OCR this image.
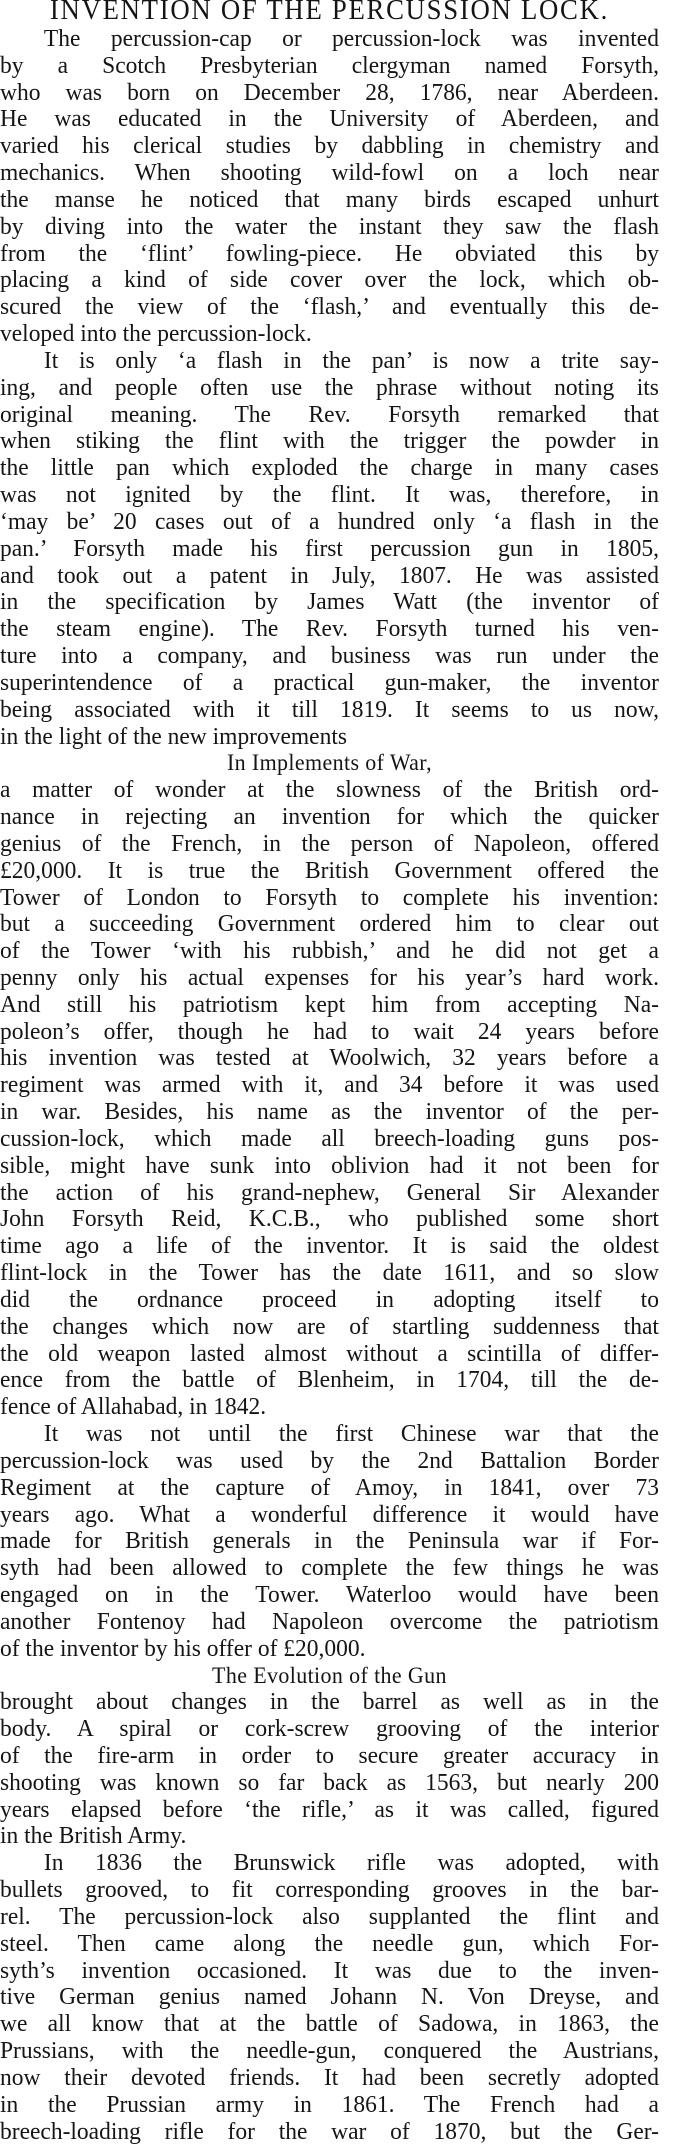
INVENTION OF THE PERCUSSION LOCK.
The percussion-cap or percussion-lock was invented
by a Scotch Presbyterian clergyman named Forsyth,
who was born on December 28, 1786, near Aberdeen.
He was educated in the University of Aberdeen, and
varied his clerical studies by dabbling in chemistry and
mechanics. When shooting wild-fowl on a loch near
the manse he noticed that many birds escaped unhurt
by diving into the water the instant they saw the flash
from the ‘flint’ fowling-piece. He obviated this by
placing a kind of side cover over the lock, which ob-
scured the view of the ‘flash,’ and eventually this de-
veloped into the percussion-lock.
It is only ‘a flash in the pan’ is now a trite say-
ing, and people often use the phrase without noting its
original meaning. The Rev. Forsyth remarked that
when stiking the flint with the trigger the powder in
the little pan which exploded the charge in many cases
was not ignited by the flint. It was, therefore, in
‘may be’ 20 cases out of a hundred only ‘a flash in the
pan.’ Forsyth made his first percussion gun in 1805,
and took out a patent in July, 1807. He was assisted
in the specification by James Watt (the inventor of
the steam engine). The Rev. Forsyth turned his ven-
ture into a company, and business was run under the
superintendence of a practical gun-maker, the inventor
being associated with it till 1819. It seems to us now,
in the light of the new improvements
In Implements of War,
a matter of wonder at the slowness of the British ord-
nance in rejecting an invention for which the quicker
genius of the French, in the person of Napoleon, offered
£20,000. It is true the British Government offered the
Tower of London to Forsyth to complete his invention:
but a succeeding Government ordered him to clear out
of the Tower ‘with his rubbish,’ and he did not get a
penny only his actual expenses for his year’s hard work.
And still his patriotism kept him from accepting Na-
poleon’s offer, though he had to wait 24 years before
his invention was tested at Woolwich, 32 years before a
regiment was armed with it, and 34 before it was used
in war. Besides, his name as the inventor of the per-
cussion-lock, which made all breech-loading guns pos-
sible, might have sunk into oblivion had it not been for
the action of his grand-nephew, General Sir Alexander
John Forsyth Reid, K.C.B., who published some short
time ago a life of the inventor. It is said the oldest
flint-lock in the Tower has the date 1611, and so slow
did the ordnance proceed in adopting itself to
the changes which now are of startling suddenness that
the old weapon lasted almost without a scintilla of differ-
ence from the battle of Blenheim, in 1704, till the de-
fence of Allahabad, in 1842.
It was not until the first Chinese war that the
percussion-lock was used by the 2nd Battalion Border
Regiment at the capture of Amoy, in 1841, over 73
years ago. What a wonderful difference it would have
made for British generals in the Peninsula war if For-
syth had been allowed to complete the few things he was
engaged on in the Tower. Waterloo would have been
another Fontenoy had Napoleon overcome the patriotism
of the inventor by his offer of £20,000.
The Evolution of the Gun
brought about changes in the barrel as well as in the
body. A spiral or cork-screw grooving of the interior
of the fire-arm in order to secure greater accuracy in
shooting was known so far back as 1563, but nearly 200
years elapsed before ‘the rifle,’ as it was called, figured
in the British Army.
In 1836 the Brunswick rifle was adopted, with
bullets grooved, to fit corresponding grooves in the bar-
rel. The percussion-lock also supplanted the flint and
steel. Then came along the needle gun, which For-
syth’s invention occasioned. It was due to the inven-
tive German genius named Johann N. Von Dreyse, and
we all know that at the battle of Sadowa, in 1863, the
Prussians, with the needle-gun, conquered the Austrians,
now their devoted friends. It had been secretly adopted
in the Prussian army in 1861. The French had a
breech-loading rifle for the war of 1870, but the Ger-
